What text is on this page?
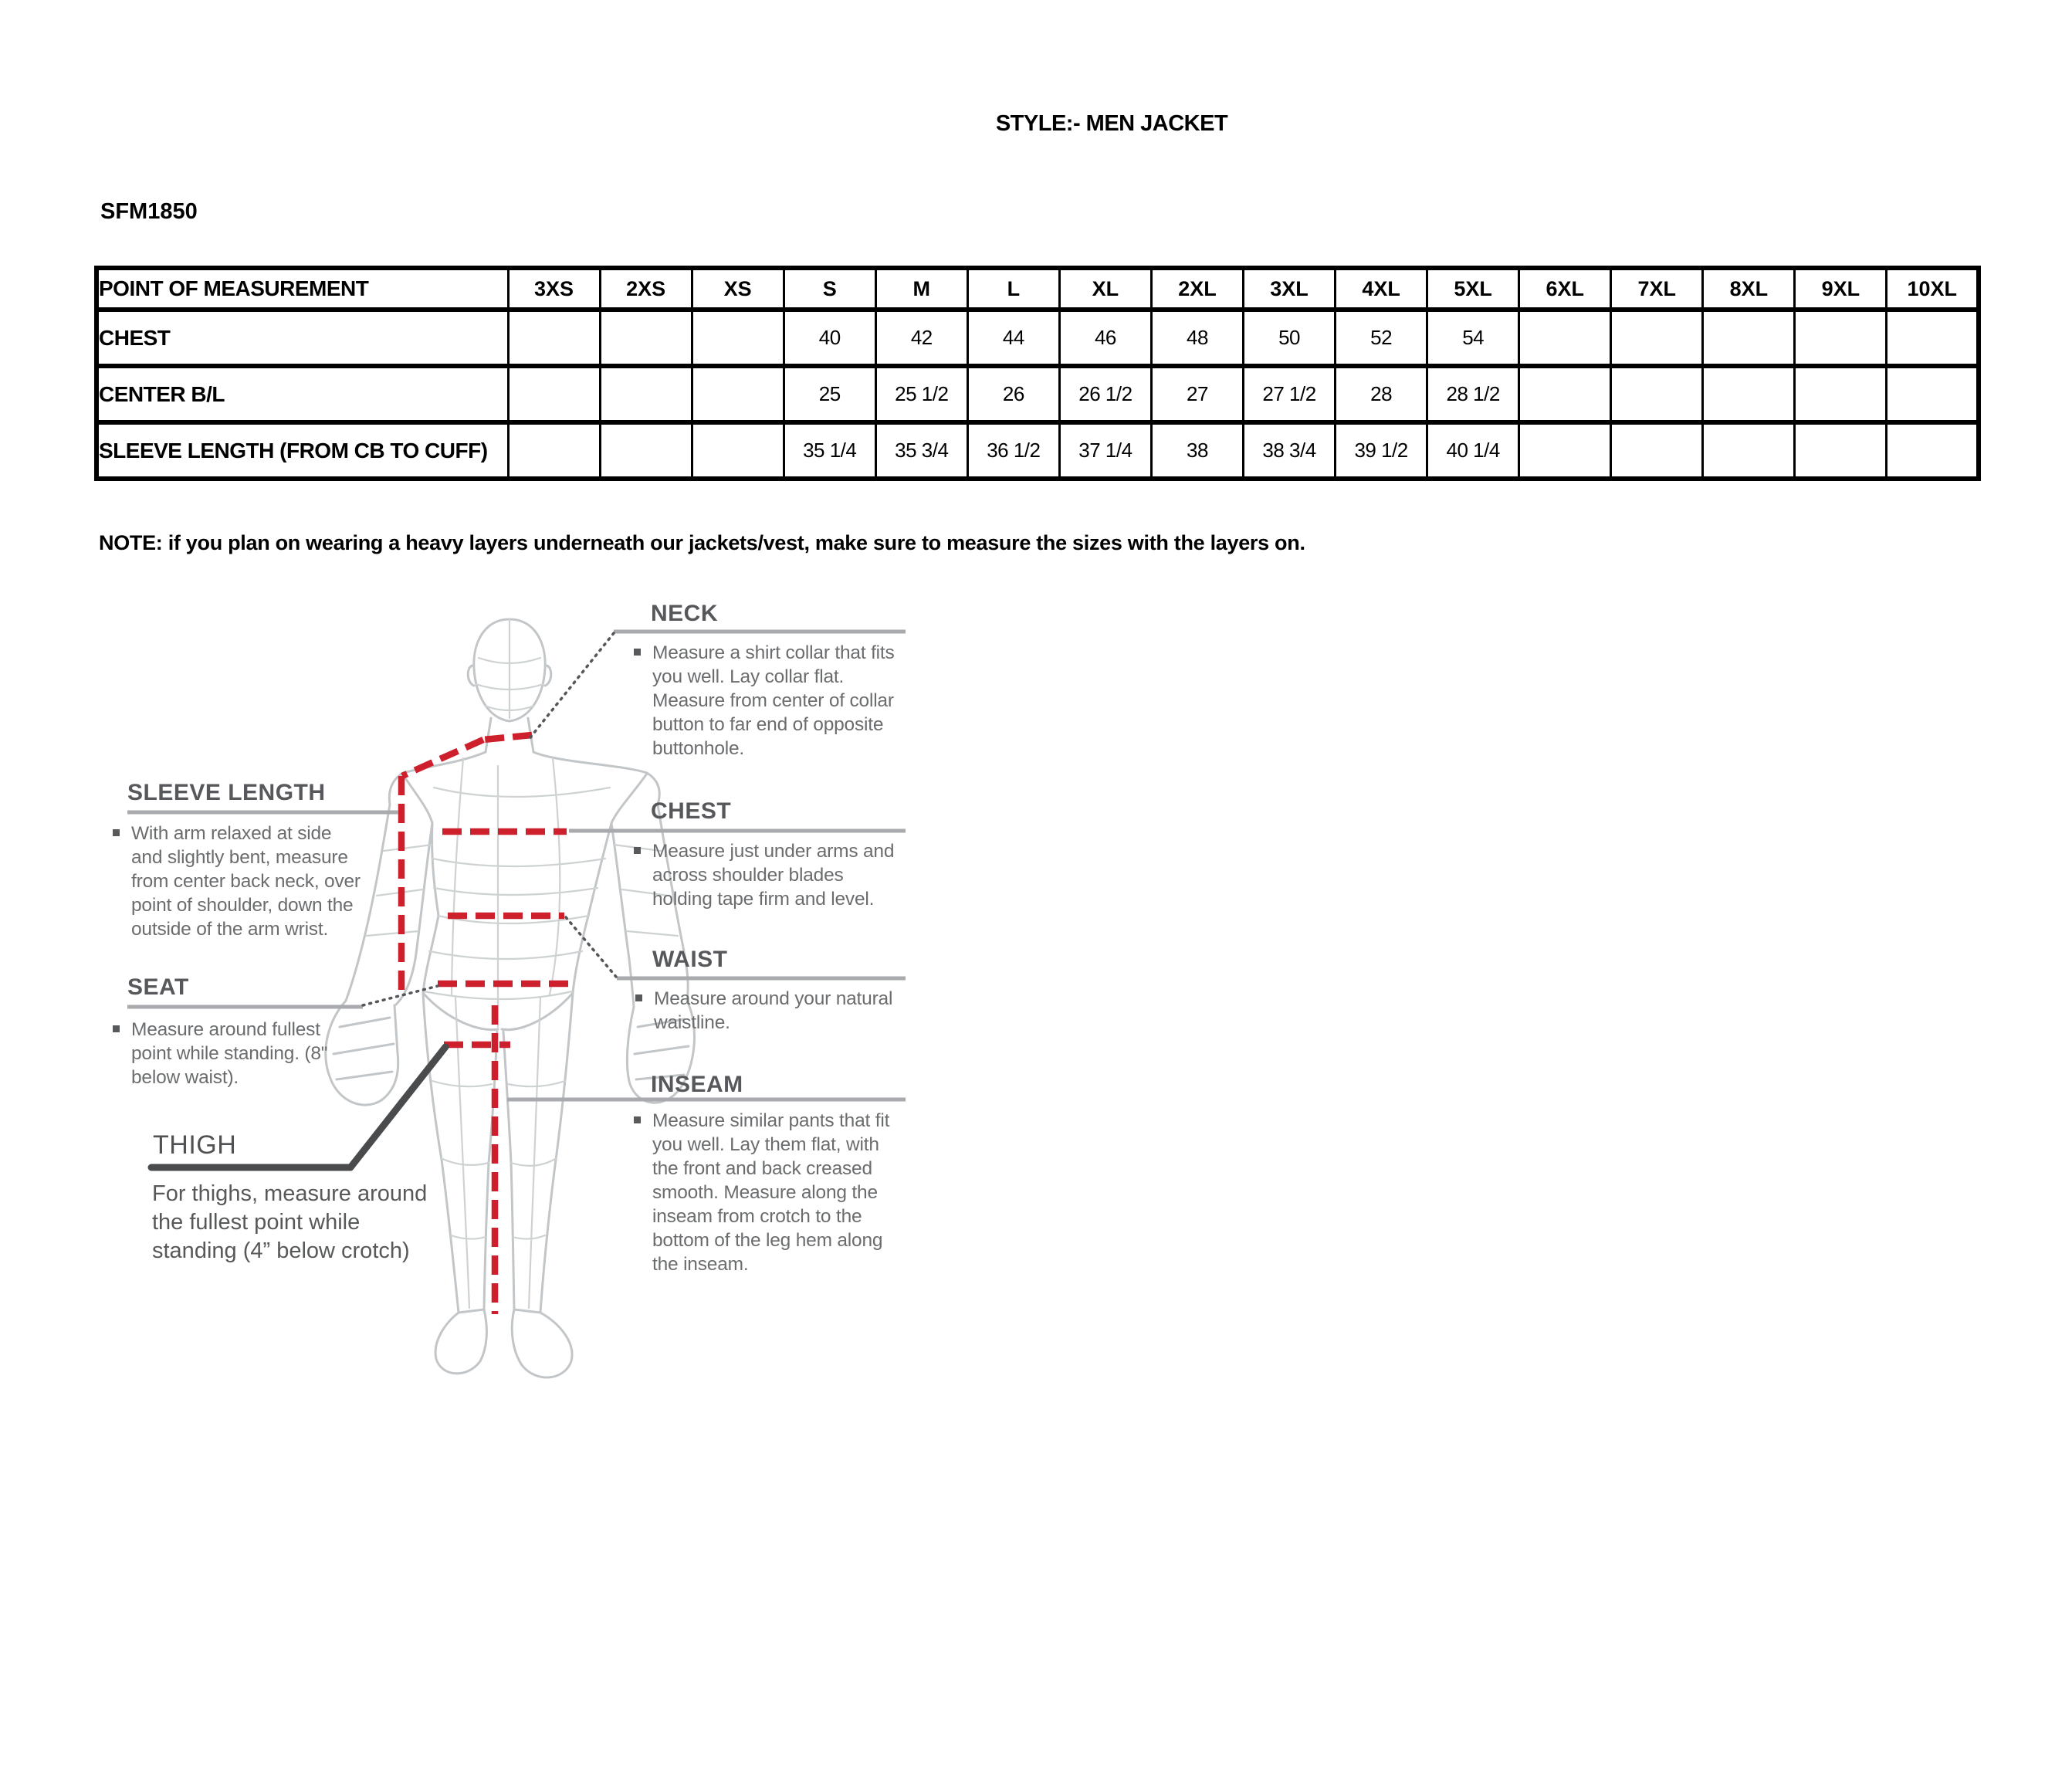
STYLE:- MEN JACKET
SFM1850
POINT OF MEASUREMENT	3XS	2XS	XS	S	M	L	XL	2XL	3XL	4XL	5XL	6XL	7XL	8XL	9XL	10XL
CHEST				40	42	44	46	48	50	52	54					
CENTER B/L				25	25 1/2	26	26 1/2	27	27 1/2	28	28 1/2					
SLEEVE LENGTH (FROM CB TO CUFF)				35 1/4	35 3/4	36 1/2	37 1/4	38	38 3/4	39 1/2	40 1/4					
NOTE: if you plan on wearing a heavy layers underneath our jackets/vest, make sure to measure the sizes with the layers on.
NECK
Measure a shirt collar that fits you well. Lay collar flat. Measure from center of collar button to far end of opposite buttonhole.
CHEST
Measure just under arms and across shoulder blades holding tape firm and level.
WAIST
Measure around your natural waistline.
INSEAM
Measure similar pants that fit you well. Lay them flat, with the front and back creased smooth. Measure along the inseam from crotch to the bottom of the leg hem along the inseam.
SLEEVE LENGTH
With arm relaxed at side and slightly bent, measure from center back neck, over point of shoulder, down the outside of the arm wrist.
SEAT
Measure around fullest point while standing. (8" below waist).
THIGH
For thighs, measure around the fullest point while standing (4” below crotch)
